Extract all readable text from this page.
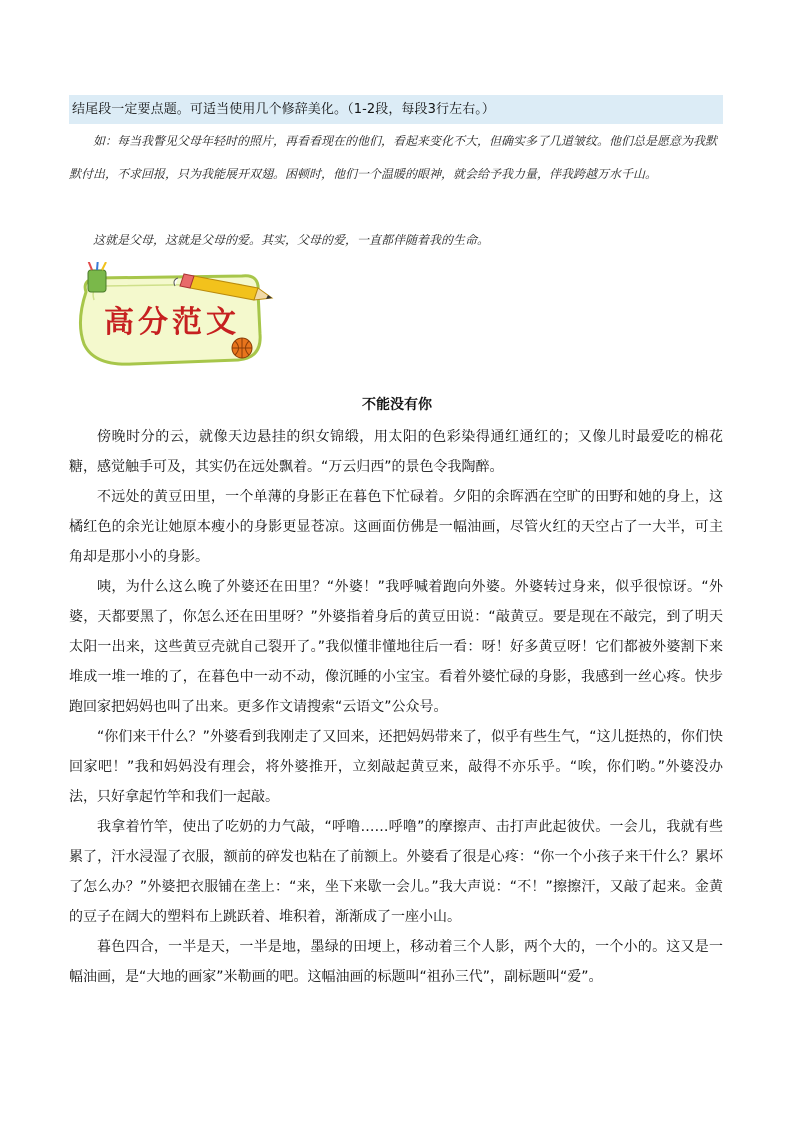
结尾段一定要点题。可适当使用几个修辞美化。（1-2段，每段3行左右。）

如：每当我瞥见父母年轻时的照片，再看看现在的他们，看起来变化不大，但确实多了几道皱纹。他们总是愿意为我默默付出，不求回报，只为我能展开双翅。困顿时，他们一个温暖的眼神，就会给予我力量，伴我跨越万水千山。

这就是父母，这就是父母的爱。其实，父母的爱，一直都伴随着我的生命。

高分范文
不能没有你

傍晚时分的云，就像天边悬挂的织女锦缎，用太阳的色彩染得通红通红的；又像儿时最爱吃的棉花糖，感觉触手可及，其实仍在远处飘着。“万云归西”的景色令我陶醉。

不远处的黄豆田里，一个单薄的身影正在暮色下忙碌着。夕阳的余晖洒在空旷的田野和她的身上，这橘红色的余光让她原本瘦小的身影更显苍凉。这画面仿佛是一幅油画，尽管火红的天空占了一大半，可主角却是那小小的身影。

咦，为什么这么晚了外婆还在田里？“外婆！”我呼喊着跑向外婆。外婆转过身来，似乎很惊讶。“外婆，天都要黑了，你怎么还在田里呀？”外婆指着身后的黄豆田说：“敲黄豆。要是现在不敲完，到了明天太阳一出来，这些黄豆壳就自己裂开了。”我似懂非懂地往后一看：呀！好多黄豆呀！它们都被外婆割下来堆成一堆一堆的了，在暮色中一动不动，像沉睡的小宝宝。看着外婆忙碌的身影，我感到一丝心疼。快步跑回家把妈妈也叫了出来。更多作文请搜索“云语文”公众号。

“你们来干什么？”外婆看到我刚走了又回来，还把妈妈带来了，似乎有些生气，“这儿挺热的，你们快回家吧！”我和妈妈没有理会，将外婆推开，立刻敲起黄豆来，敲得不亦乐乎。“唉，你们哟。”外婆没办法，只好拿起竹竿和我们一起敲。

我拿着竹竿，使出了吃奶的力气敲，“呼噜……呼噜”的摩擦声、击打声此起彼伏。一会儿，我就有些累了，汗水浸湿了衣服，额前的碎发也粘在了前额上。外婆看了很是心疼：“你一个小孩子来干什么？累坏了怎么办？”外婆把衣服铺在垄上：“来，坐下来歇一会儿。”我大声说：“不！”擦擦汗，又敲了起来。金黄的豆子在阔大的塑料布上跳跃着、堆积着，渐渐成了一座小山。

暮色四合，一半是天，一半是地，墨绿的田埂上，移动着三个人影，两个大的，一个小的。这又是一幅油画，是“大地的画家”米勒画的吧。这幅油画的标题叫“祖孙三代”，副标题叫“爱”。
